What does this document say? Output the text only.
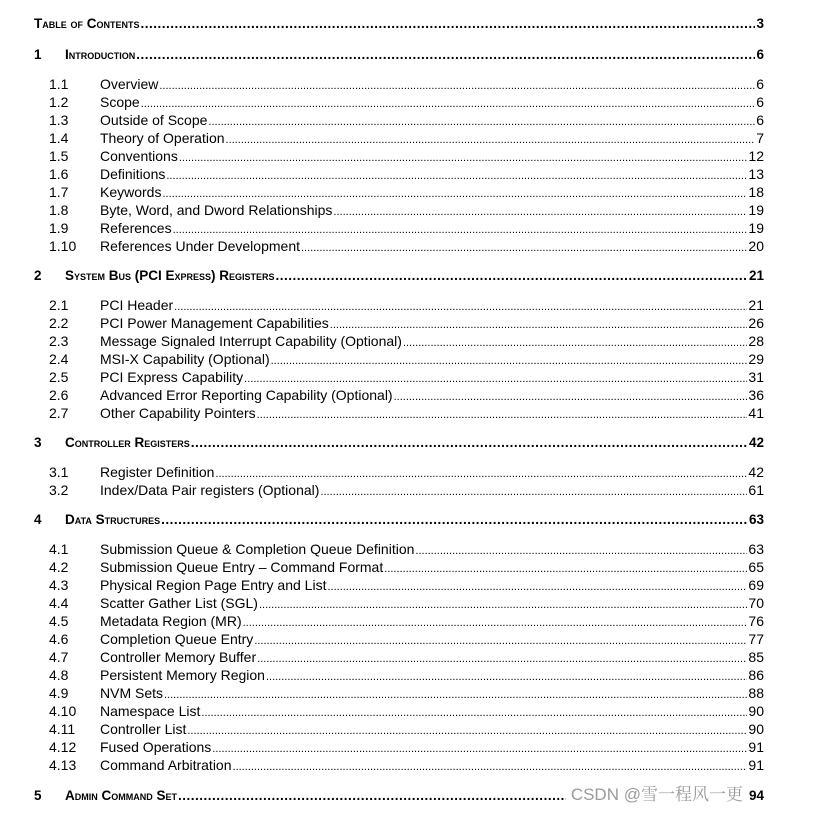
Table of Contents .....	3
1	Introduction .....	6
1.1	Overview .....	6
1.2	Scope .....	6
1.3	Outside of Scope .....	6
1.4	Theory of Operation .....	7
1.5	Conventions .....	12
1.6	Definitions .....	13
1.7	Keywords .....	18
1.8	Byte, Word, and Dword Relationships .....	19
1.9	References .....	19
1.10	References Under Development .....	20
2	System Bus (PCI Express) Registers .....	21
2.1	PCI Header .....	21
2.2	PCI Power Management Capabilities .....	26
2.3	Message Signaled Interrupt Capability (Optional) .....	28
2.4	MSI-X Capability (Optional) .....	29
2.5	PCI Express Capability .....	31
2.6	Advanced Error Reporting Capability (Optional) .....	36
2.7	Other Capability Pointers .....	41
3	Controller Registers .....	42
3.1	Register Definition .....	42
3.2	Index/Data Pair registers (Optional) .....	61
4	Data Structures .....	63
4.1	Submission Queue & Completion Queue Definition .....	63
4.2	Submission Queue Entry – Command Format .....	65
4.3	Physical Region Page Entry and List .....	69
4.4	Scatter Gather List (SGL) .....	70
4.5	Metadata Region (MR) .....	76
4.6	Completion Queue Entry .....	77
4.7	Controller Memory Buffer .....	85
4.8	Persistent Memory Region .....	86
4.9	NVM Sets .....	88
4.10	Namespace List .....	90
4.11	Controller List .....	90
4.12	Fused Operations .....	91
4.13	Command Arbitration .....	91
5	Admin Command Set .....	CSDN @雪一程风一更 94
